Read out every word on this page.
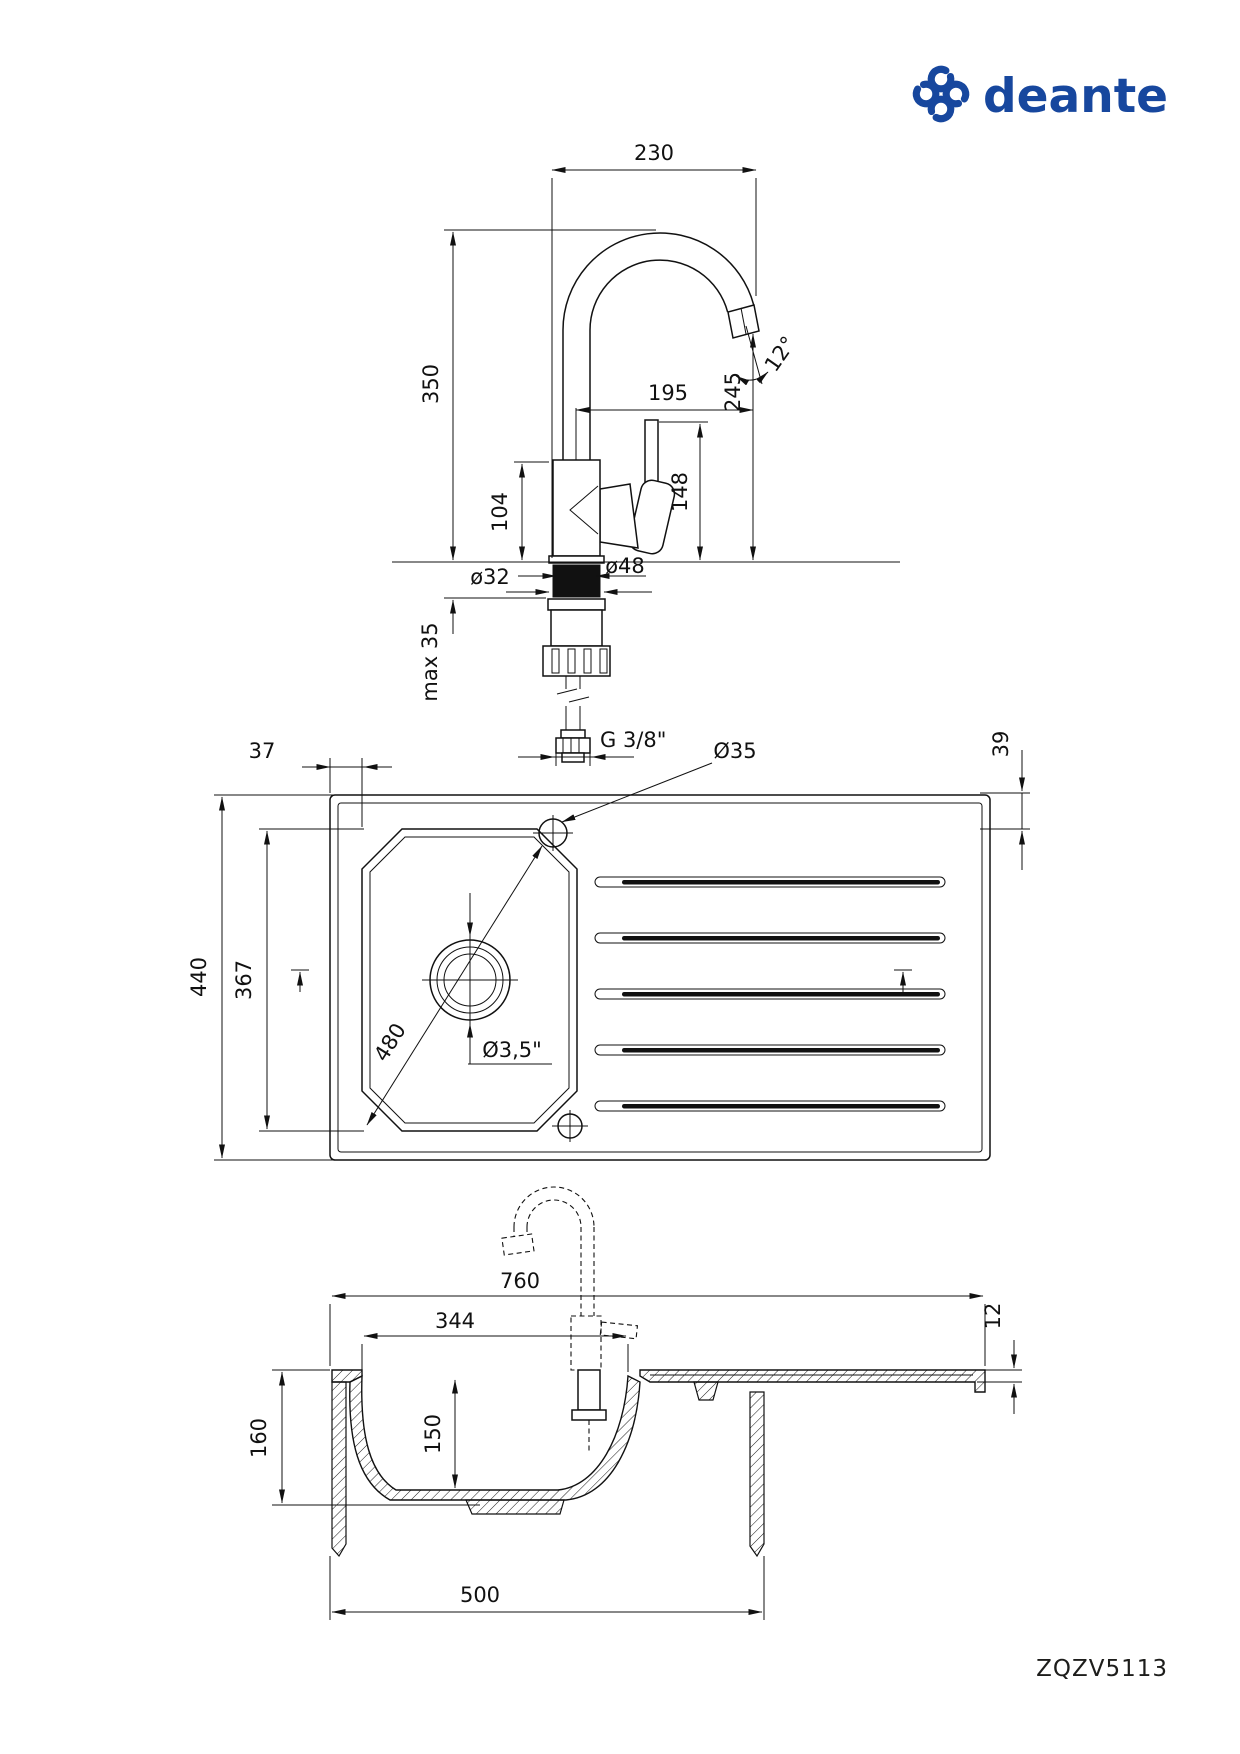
deante
230
350	195 245
12°
148
104
max 35
ø32	ø48
G 3/8"
37	39
440 367
480
Ø35
Ø3,5"
760
344	12
160	150
500
ZQZV5113
